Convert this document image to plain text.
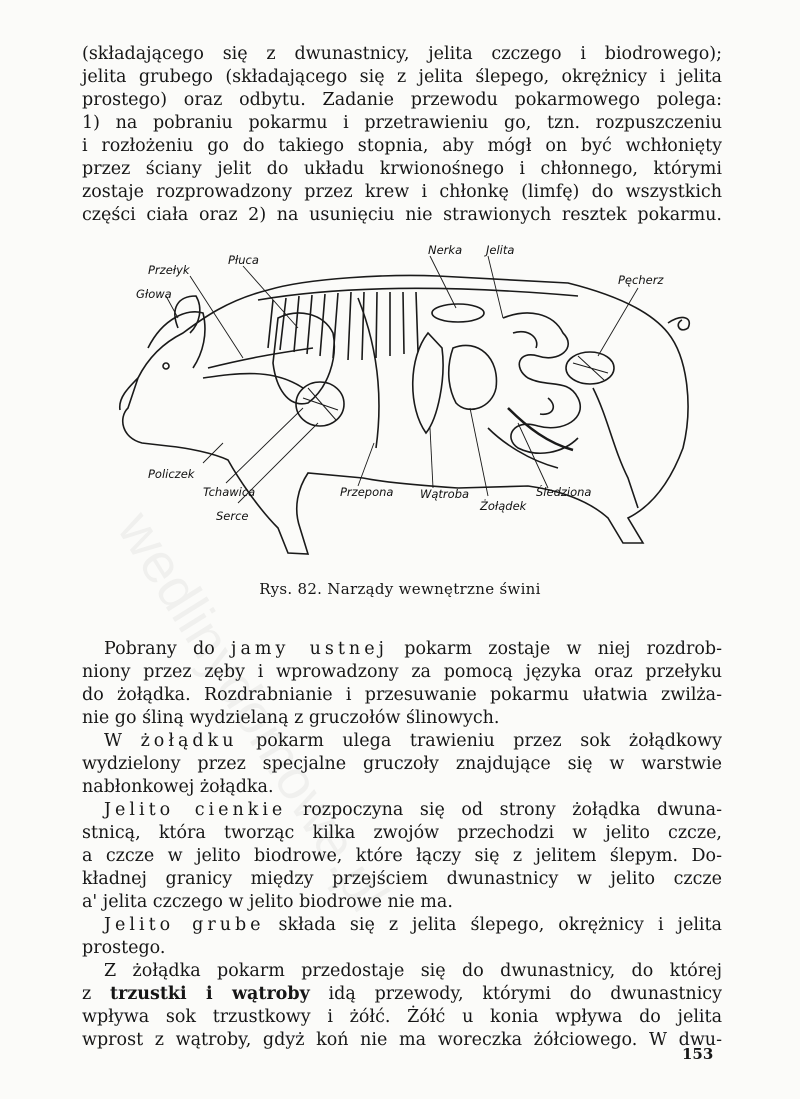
(składającego się z dwunastnicy, jelita czczego i biodrowego);
jelita grubego (składającego się z jelita ślepego, okrężnicy i jelita
prostego) oraz odbytu. Zadanie przewodu pokarmowego polega:
1) na pobraniu pokarmu i przetrawieniu go, tzn. rozpuszczeniu
i rozłożeniu go do takiego stopnia, aby mógł on być wchłonięty
przez ściany jelit do układu krwionośnego i chłonnego, którymi
zostaje rozprowadzony przez krew i chłonkę (limfę) do wszystkich
części ciała oraz 2) na usunięciu nie strawionych resztek pokarmu.

Przełyk
Płuca
Głowa
Nerka Jelita
Pęcherz
Policzek
Tchawica
Serce
Przepona Wątroba
Żołądek
Śledziona
Rys. 82. Narządy wewnętrzne świni

Pobrany do jamy ustnej pokarm zostaje w niej rozdrob-
niony przez zęby i wprowadzony za pomocą języka oraz przełyku
do żołądka. Rozdrabnianie i przesuwanie pokarmu ułatwia zwilża-
nie go śliną wydzielaną z gruczołów ślinowych.

W żołądku pokarm ulega trawieniu przez sok żołądkowy
wydzielony przez specjalne gruczoły znajdujące się w warstwie
nabłonkowej żołądka.

Jelito cienkie rozpoczyna się od strony żołądka dwuna-
stnicą, która tworząc kilka zwojów przechodzi w jelito czcze,
a czcze w jelito biodrowe, które łączy się z jelitem ślepym. Do-
kładnej granicy między przejściem dwunastnicy w jelito czcze
a' jelita czczego w jelito biodrowe nie ma.

Jelito grube składa się z jelita ślepego, okrężnicy i jelita
prostego.

Z żołądka pokarm przedostaje się do dwunastnicy, do której
z trzustki i wątroby idą przewody, którymi do dwunastnicy
wpływa sok trzustkowy i żółć. Żółć u konia wpływa do jelita
wprost z wątroby, gdyż koń nie ma woreczka żółciowego. W dwu-

153
